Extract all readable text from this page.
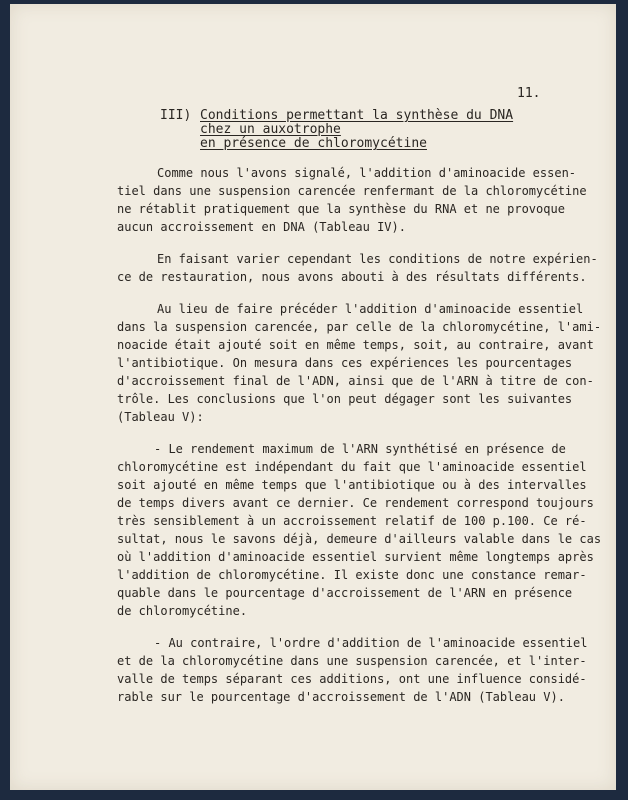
11.
III) Conditions permettant la synthèse du DNA
chez un auxotrophe
en présence de chloromycétine
Comme nous l'avons signalé, l'addition d'aminoacide essen-
tiel dans une suspension carencée renfermant de la chloromycétine
ne rétablit pratiquement que la synthèse du RNA et ne provoque
aucun accroissement en DNA (Tableau IV).
En faisant varier cependant les conditions de notre expérien-
ce de restauration, nous avons abouti à des résultats différents.
Au lieu de faire précéder l'addition d'aminoacide essentiel
dans la suspension carencée, par celle de la chloromycétine, l'ami-
noacide était ajouté soit en même temps, soit, au contraire, avant
l'antibiotique. On mesura dans ces expériences les pourcentages
d'accroissement final de l'ADN, ainsi que de l'ARN à titre de con-
trôle. Les conclusions que l'on peut dégager sont les suivantes
(Tableau V):
- Le rendement maximum de l'ARN synthétisé en présence de
chloromycétine est indépendant du fait que l'aminoacide essentiel
soit ajouté en même temps que l'antibiotique ou à des intervalles
de temps divers avant ce dernier. Ce rendement correspond toujours
très sensiblement à un accroissement relatif de 100 p.100. Ce ré-
sultat, nous le savons déjà, demeure d'ailleurs valable dans le cas
où l'addition d'aminoacide essentiel survient même longtemps après
l'addition de chloromycétine. Il existe donc une constance remar-
quable dans le pourcentage d'accroissement de l'ARN en présence
de chloromycétine.
- Au contraire, l'ordre d'addition de l'aminoacide essentiel
et de la chloromycétine dans une suspension carencée, et l'inter-
valle de temps séparant ces additions, ont une influence considé-
rable sur le pourcentage d'accroissement de l'ADN (Tableau V).
